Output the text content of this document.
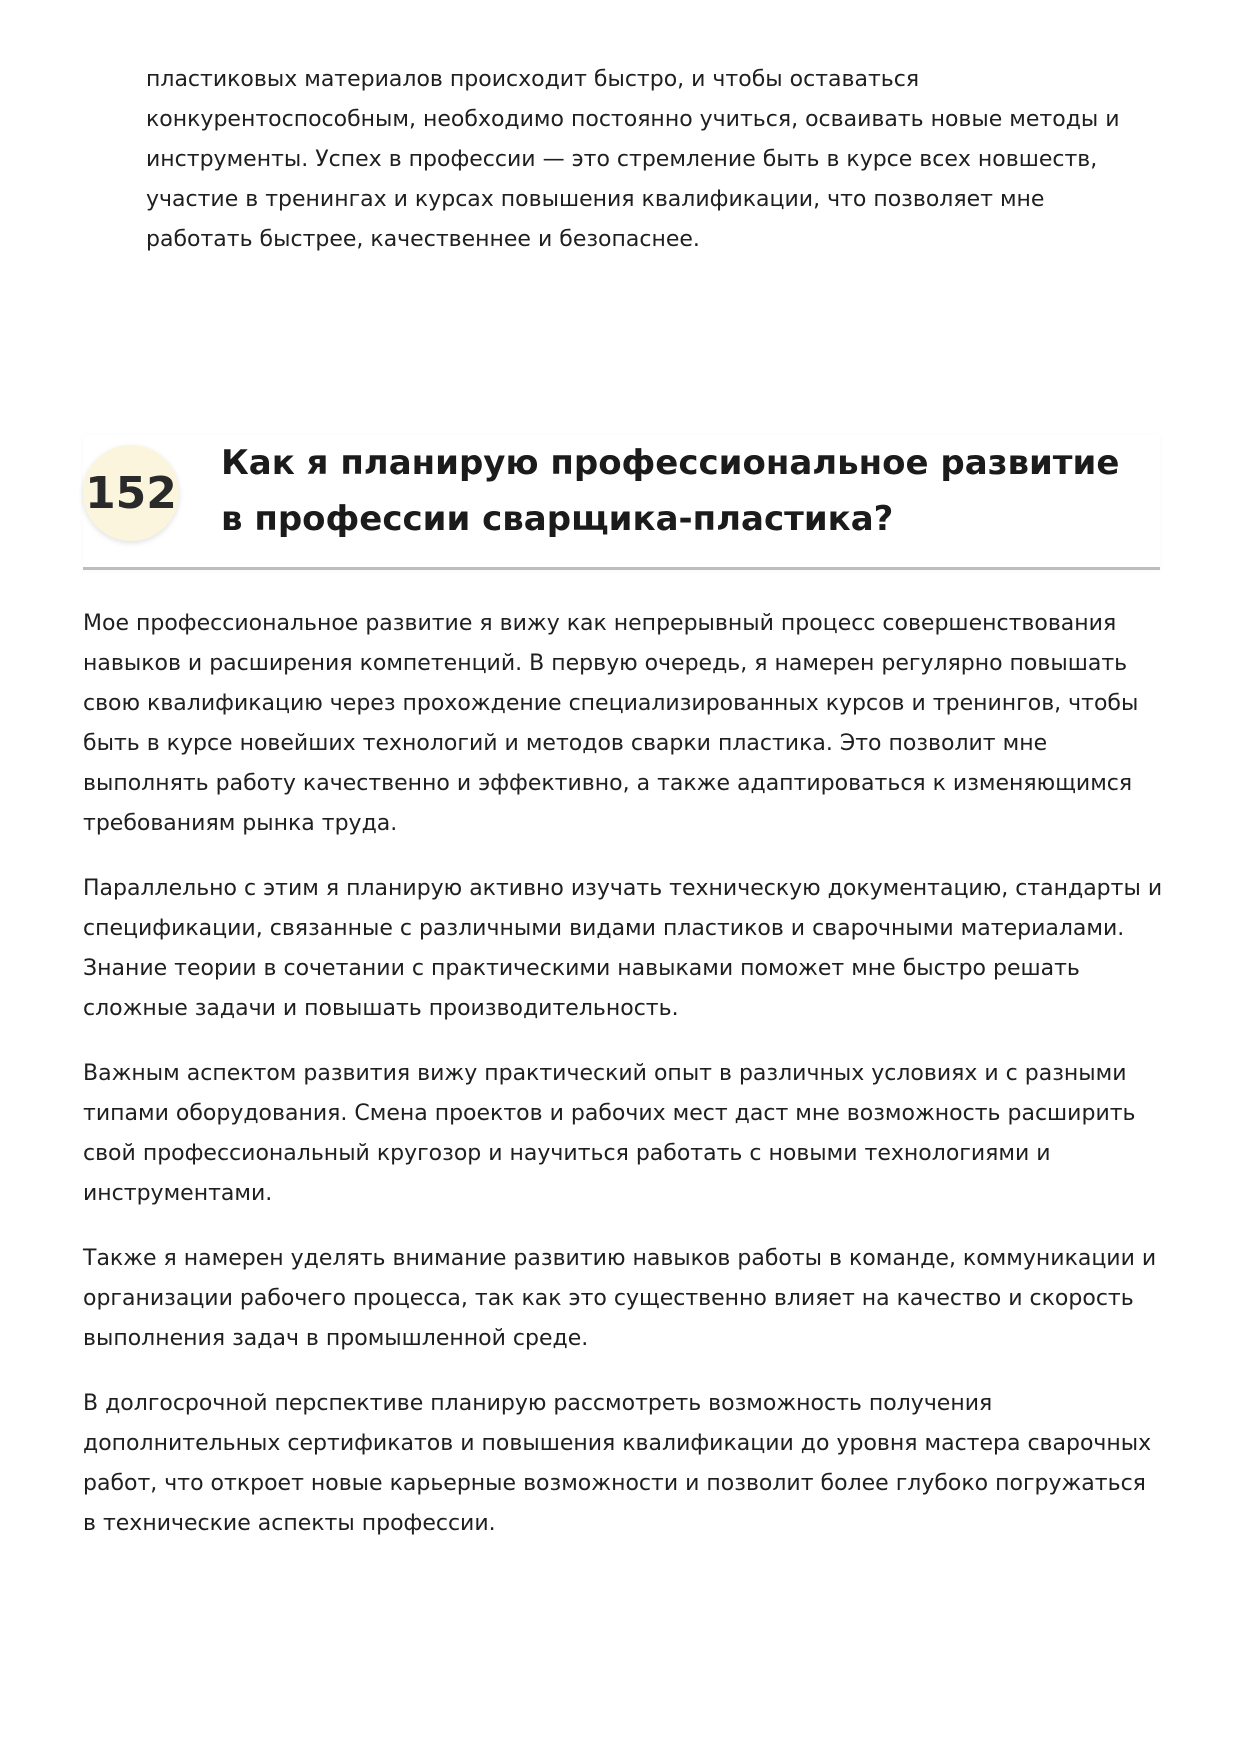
пластиковых материалов происходит быстро, и чтобы оставаться конкурентоспособным, необходимо постоянно учиться, осваивать новые методы и инструменты. Успех в профессии — это стремление быть в курсе всех новшеств, участие в тренингах и курсах повышения квалификации, что позволяет мне работать быстрее, качественнее и безопаснее.

152
Как я планирую профессиональное развитие в профессии сварщика-пластика?

Мое профессиональное развитие я вижу как непрерывный процесс совершенствования навыков и расширения компетенций. В первую очередь, я намерен регулярно повышать свою квалификацию через прохождение специализированных курсов и тренингов, чтобы быть в курсе новейших технологий и методов сварки пластика. Это позволит мне выполнять работу качественно и эффективно, а также адаптироваться к изменяющимся требованиям рынка труда.

Параллельно с этим я планирую активно изучать техническую документацию, стандарты и спецификации, связанные с различными видами пластиков и сварочными материалами. Знание теории в сочетании с практическими навыками поможет мне быстро решать сложные задачи и повышать производительность.

Важным аспектом развития вижу практический опыт в различных условиях и с разными типами оборудования. Смена проектов и рабочих мест даст мне возможность расширить свой профессиональный кругозор и научиться работать с новыми технологиями и инструментами.

Также я намерен уделять внимание развитию навыков работы в команде, коммуникации и организации рабочего процесса, так как это существенно влияет на качество и скорость выполнения задач в промышленной среде.

В долгосрочной перспективе планирую рассмотреть возможность получения дополнительных сертификатов и повышения квалификации до уровня мастера сварочных работ, что откроет новые карьерные возможности и позволит более глубоко погружаться в технические аспекты профессии.
